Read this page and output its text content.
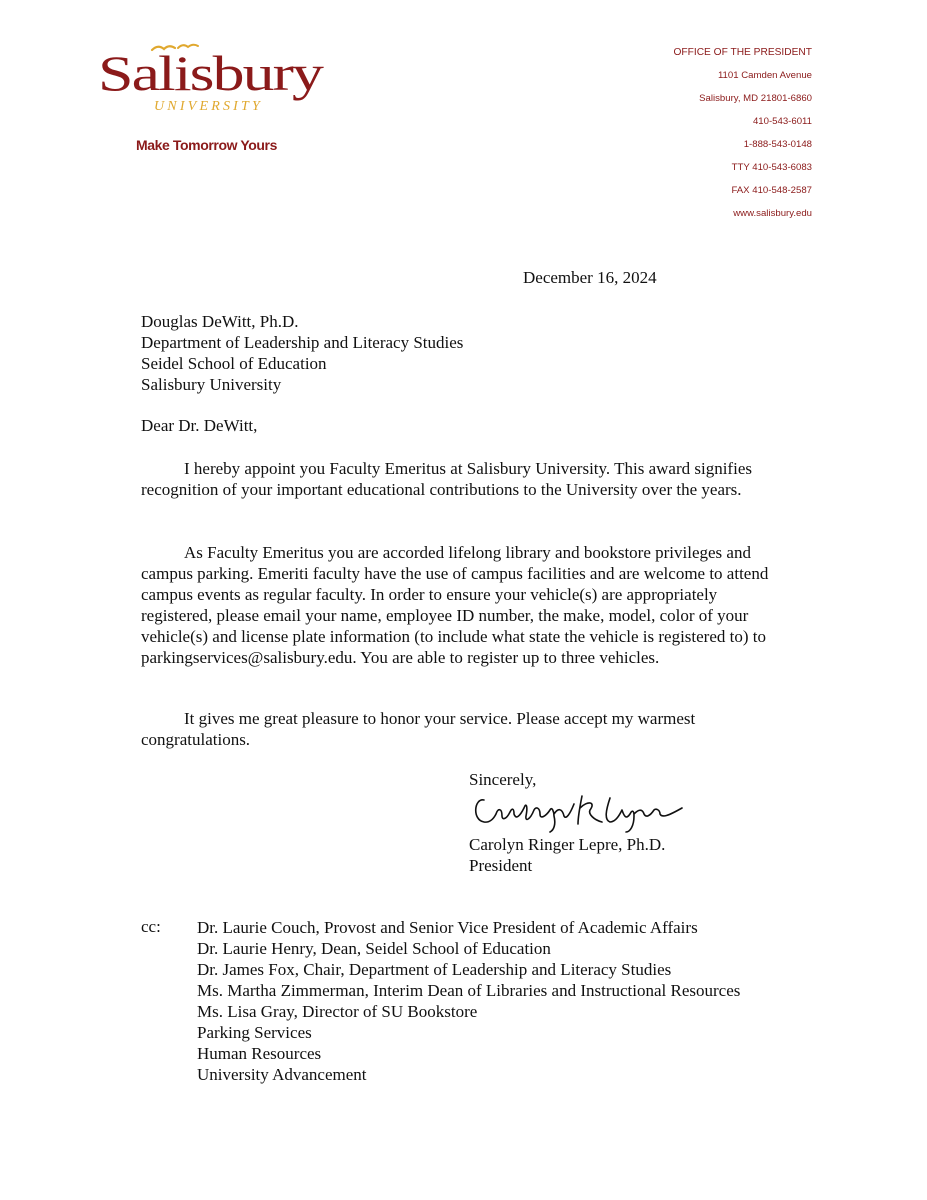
Salisbury
UNIVERSITY
Make Tomorrow Yours
OFFICE OF THE PRESIDENT
1101 Camden Avenue
Salisbury, MD 21801-6860
410-543-6011
1-888-543-0148
TTY 410-543-6083
FAX 410-548-2587
www.salisbury.edu
December 16, 2024
Douglas DeWitt, Ph.D.
Department of Leadership and Literacy Studies
Seidel School of Education
Salisbury University
Dear Dr. DeWitt,

I hereby appoint you Faculty Emeritus at Salisbury University. This award signifies recognition of your important educational contributions to the University over the years.

As Faculty Emeritus you are accorded lifelong library and bookstore privileges and campus parking. Emeriti faculty have the use of campus facilities and are welcome to attend campus events as regular faculty. In order to ensure your vehicle(s) are appropriately registered, please email your name, employee ID number, the make, model, color of your vehicle(s) and license plate information (to include what state the vehicle is registered to) to parkingservices@salisbury.edu. You are able to register up to three vehicles.

It gives me great pleasure to honor your service. Please accept my warmest congratulations.

Sincerely,
Carolyn Ringer Lepre, Ph.D.
President
cc: Dr. Laurie Couch, Provost and Senior Vice President of Academic Affairs
Dr. Laurie Henry, Dean, Seidel School of Education
Dr. James Fox, Chair, Department of Leadership and Literacy Studies
Ms. Martha Zimmerman, Interim Dean of Libraries and Instructional Resources
Ms. Lisa Gray, Director of SU Bookstore
Parking Services
Human Resources
University Advancement
